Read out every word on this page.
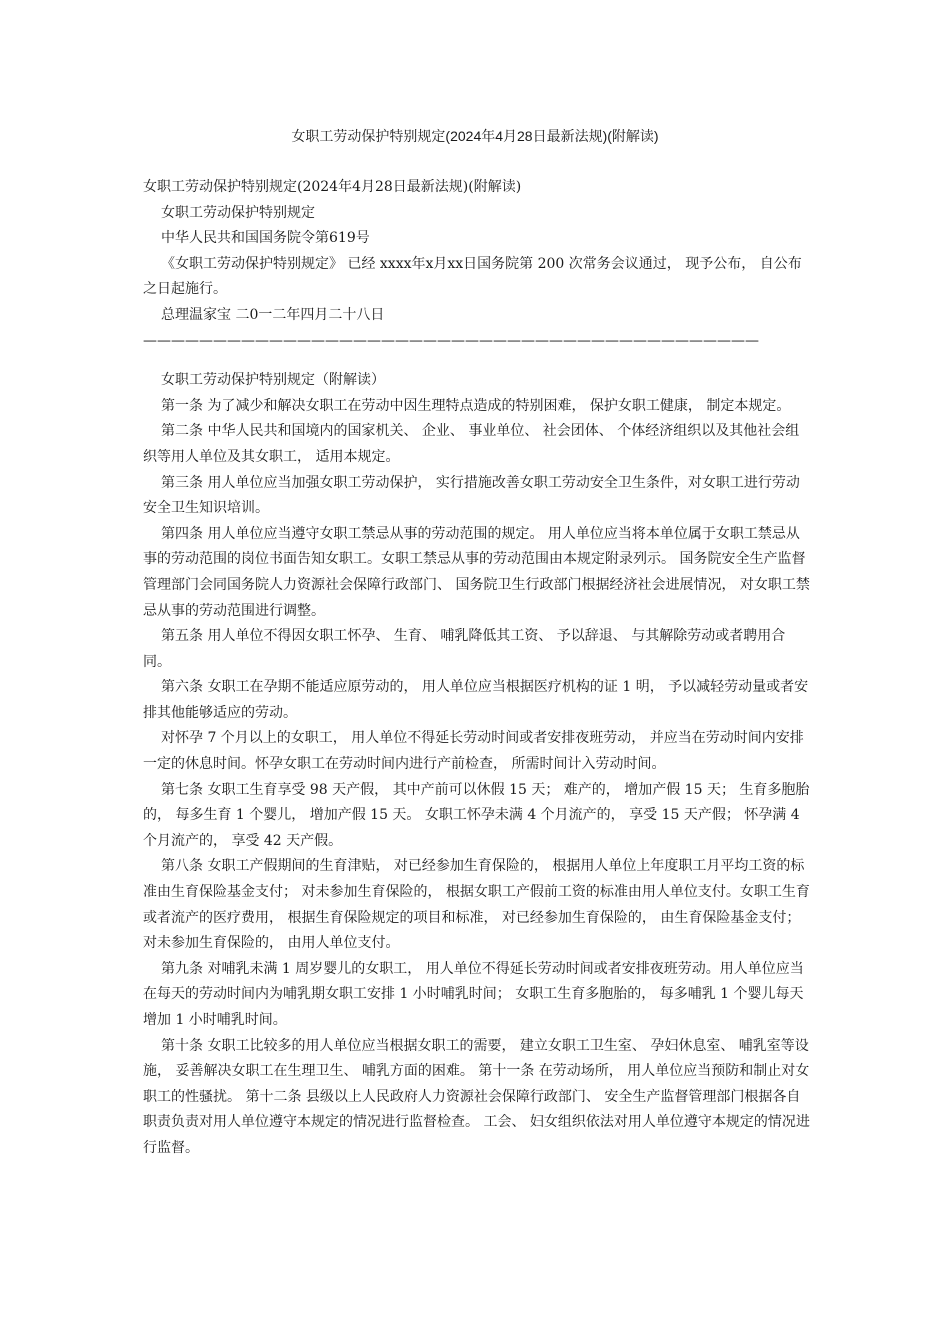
女职工劳动保护特别规定(2024年4月28日最新法规)(附解读)

女职工劳动保护特别规定(2024年4月28日最新法规)(附解读)

女职工劳动保护特别规定

中华人民共和国国务院令第619号

《女职工劳动保护特别规定》 已经 xxxx年x月xx日国务院第 200 次常务会议通过， 现予公布， 自公布之日起施行。

总理温家宝 二0一二年四月二十八日 ————————————————————————————————————————————

女职工劳动保护特别规定（附解读）

第一条 为了减少和解决女职工在劳动中因生理特点造成的特别困难， 保护女职工健康， 制定本规定。

第二条 中华人民共和国境内的国家机关、 企业、 事业单位、 社会团体、 个体经济组织以及其他社会组织等用人单位及其女职工， 适用本规定。

第三条 用人单位应当加强女职工劳动保护， 实行措施改善女职工劳动安全卫生条件，对女职工进行劳动安全卫生知识培训。

第四条 用人单位应当遵守女职工禁忌从事的劳动范围的规定。 用人单位应当将本单位属于女职工禁忌从事的劳动范围的岗位书面告知女职工。女职工禁忌从事的劳动范围由本规定附录列示。 国务院安全生产监督管理部门会同国务院人力资源社会保障行政部门、 国务院卫生行政部门根据经济社会进展情况， 对女职工禁忌从事的劳动范围进行调整。

第五条 用人单位不得因女职工怀孕、 生育、 哺乳降低其工资、 予以辞退、 与其解除劳动或者聘用合同。

第六条 女职工在孕期不能适应原劳动的， 用人单位应当根据医疗机构的证 1 明， 予以减轻劳动量或者安排其他能够适应的劳动。

对怀孕 7 个月以上的女职工， 用人单位不得延长劳动时间或者安排夜班劳动， 并应当在劳动时间内安排一定的休息时间。怀孕女职工在劳动时间内进行产前检查， 所需时间计入劳动时间。

第七条 女职工生育享受 98 天产假， 其中产前可以休假 15 天； 难产的， 增加产假 15 天； 生育多胞胎的， 每多生育 1 个婴儿， 增加产假 15 天。 女职工怀孕未满 4 个月流产的， 享受 15 天产假； 怀孕满 4 个月流产的， 享受 42 天产假。

第八条 女职工产假期间的生育津贴， 对已经参加生育保险的， 根据用人单位上年度职工月平均工资的标准由生育保险基金支付； 对未参加生育保险的， 根据女职工产假前工资的标准由用人单位支付。女职工生育或者流产的医疗费用， 根据生育保险规定的项目和标准， 对已经参加生育保险的， 由生育保险基金支付； 对未参加生育保险的， 由用人单位支付。

第九条 对哺乳未满 1 周岁婴儿的女职工， 用人单位不得延长劳动时间或者安排夜班劳动。用人单位应当在每天的劳动时间内为哺乳期女职工安排 1 小时哺乳时间； 女职工生育多胞胎的， 每多哺乳 1 个婴儿每天增加 1 小时哺乳时间。

第十条 女职工比较多的用人单位应当根据女职工的需要， 建立女职工卫生室、 孕妇休息室、 哺乳室等设施， 妥善解决女职工在生理卫生、 哺乳方面的困难。 第十一条 在劳动场所， 用人单位应当预防和制止对女职工的性骚扰。 第十二条 县级以上人民政府人力资源社会保障行政部门、 安全生产监督管理部门根据各自职责负责对用人单位遵守本规定的情况进行监督检查。 工会、 妇女组织依法对用人单位遵守本规定的情况进行监督。
